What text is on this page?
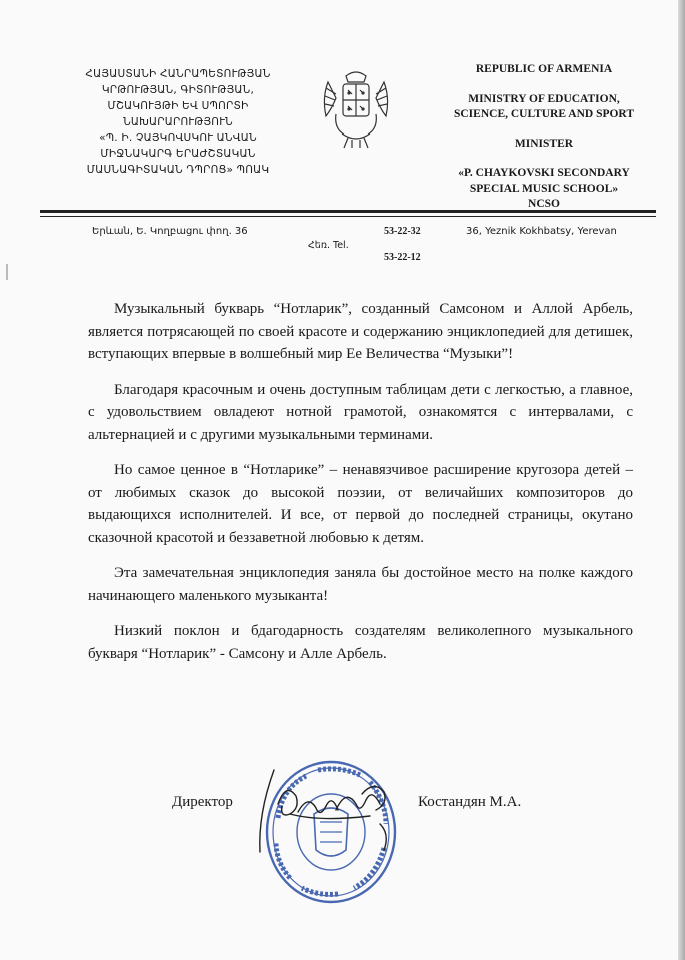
ՀԱՅԱՍՏԱՆԻ ՀԱՆՐԱՊԵՏՈՒԹՅԱՆ
ԿՐԹՈՒԹՅԱՆ, ԳԻՏՈՒԹՅԱՆ,
ՄՇԱԿՈՒՅԹԻ ԵՎ ՍՊՈՐՏԻ
ՆԱԽԱՐԱՐՈՒԹՅՈՒՆ
«Պ. Ի. ՉԱՅԿՈՎՍԿՈՒ ԱՆՎԱՆ
ՄԻՋՆԱԿԱՐԳ ԵՐԱԺՇՏԱԿԱՆ
ՄԱՍՆԱԳԻՏԱԿԱՆ ԴՊՐՈՑ» ՊՈԱԿ
REPUBLIC OF ARMENIA
MINISTRY OF EDUCATION,
SCIENCE, CULTURE AND SPORT
MINISTER
«P. CHAYKOVSKI SECONDARY
SPECIAL MUSIC SCHOOL»
NCSO
Երևան, Ե. Կողբացու փող. 36	53-22-32	36, Yeznik Kokhbatsy, Yerevan
Հեռ. Tel.
53-22-12

Музыкальный букварь “Нотларик”, созданный Самсоном и Аллой Арбель, является потрясающей по своей красоте и содержанию энциклопедией для детишек, вступающих впервые в волшебный мир Ее Величества “Музыки”!

Благодаря красочным и очень доступным таблицам дети с легкостью, а главное, с удовольствием овладеют нотной грамотой, ознакомятся с интервалами, с альтернацией и с другими музыкальными терминами.

Но самое ценное в “Нотларике” – ненавязчивое расширение кругозора детей – от любимых сказок до высокой поэзии, от величайших композиторов до выдающихся исполнителей. И все, от первой до последней страницы, окутано сказочной красотой и беззаветной любовью к детям.

Эта замечательная энциклопедия заняла бы достойное место на полке каждого начинающего маленького музыканта!

Низкий поклон и бдагодарность создателям великолепного музыкального букваря “Нотларик” - Самсону и Алле Арбель.

Директор	Костандян М.А.
